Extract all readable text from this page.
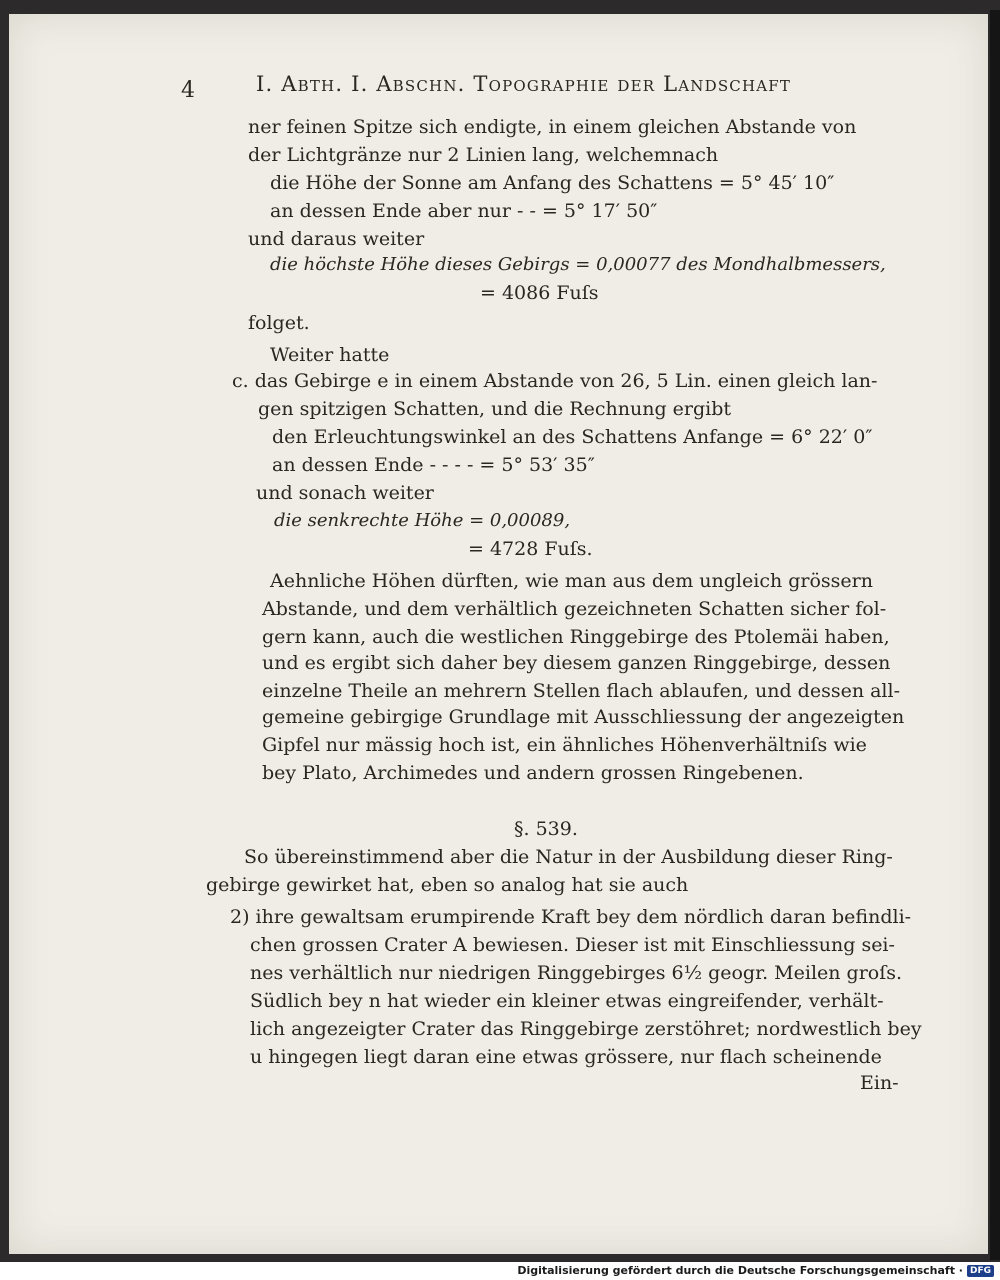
4	I. Abth. I. Abschn. Topographie der Landschaft
ner feinen Spitze sich endigte, in einem gleichen Abstande von
der Lichtgränze nur 2 Linien lang, welchemnach
die Höhe der Sonne am Anfang des Schattens = 5° 45′ 10″
an dessen Ende aber nur - - = 5° 17′ 50″
und daraus weiter
die höchste Höhe dieses Gebirgs = 0,00077 des Mondhalbmessers,
= 4086 Fuſs
folget.
Weiter hatte
c. das Gebirge e in einem Abstande von 26, 5 Lin. einen gleich lan-
gen spitzigen Schatten, und die Rechnung ergibt
den Erleuchtungswinkel an des Schattens Anfange = 6° 22′ 0″
an dessen Ende - - - - = 5° 53′ 35″
und sonach weiter
die senkrechte Höhe = 0,00089,
= 4728 Fuſs.
Aehnliche Höhen dürften, wie man aus dem ungleich grössern
Abstande, und dem verhältlich gezeichneten Schatten sicher fol-
gern kann, auch die westlichen Ringgebirge des Ptolemäi haben,
und es ergibt sich daher bey diesem ganzen Ringgebirge, dessen
einzelne Theile an mehrern Stellen flach ablaufen, und dessen all-
gemeine gebirgige Grundlage mit Ausschliessung der angezeigten
Gipfel nur mässig hoch ist, ein ähnliches Höhenverhältniſs wie
bey Plato, Archimedes und andern grossen Ringebenen.
§. 539.
So übereinstimmend aber die Natur in der Ausbildung dieser Ring-
gebirge gewirket hat, eben so analog hat sie auch
2) ihre gewaltsam erumpirende Kraft bey dem nördlich daran befindli-
chen grossen Crater A bewiesen. Dieser ist mit Einschliessung sei-
nes verhältlich nur niedrigen Ringgebirges 6½ geogr. Meilen groſs.
Südlich bey n hat wieder ein kleiner etwas eingreifender, verhält-
lich angezeigter Crater das Ringgebirge zerstöhret; nordwestlich bey
u hingegen liegt daran eine etwas grössere, nur flach scheinende
Ein-
Digitalisierung gefördert durch die Deutsche Forschungsgemeinschaft · DFG
